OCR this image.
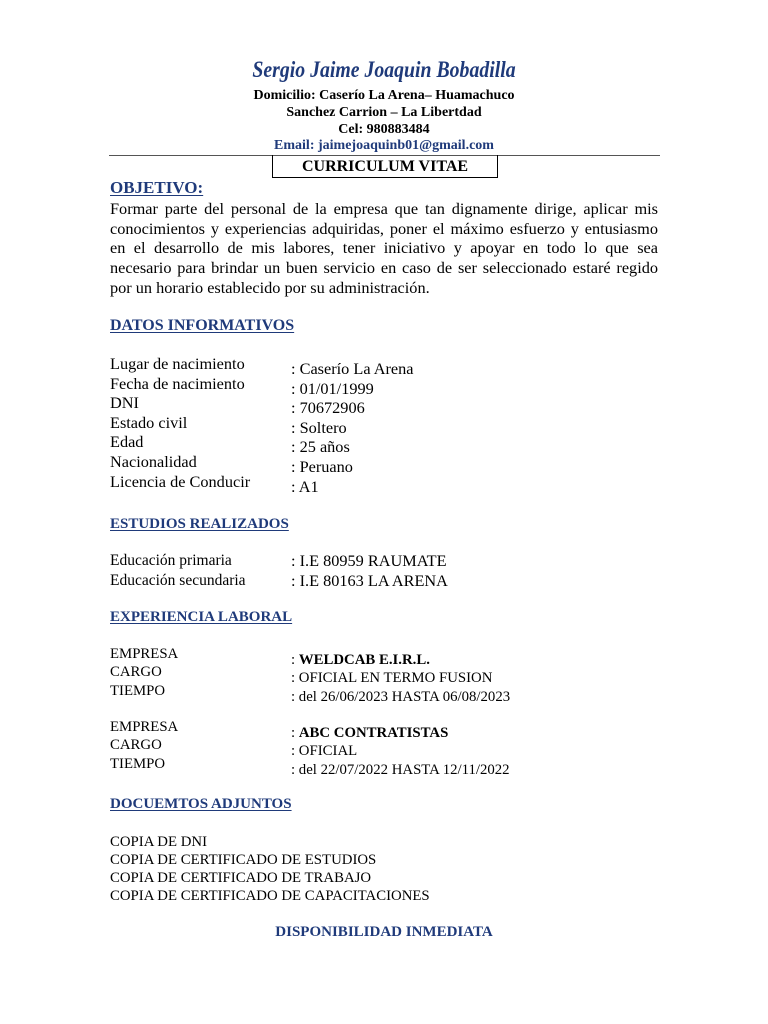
Sergio Jaime Joaquin Bobadilla
Domicilio: Caserío La Arena– Huamachuco
Sanchez Carrion – La Libertdad
Cel: 980883484
Email: jaimejoaquinb01@gmail.com
CURRICULUM VITAE
OBJETIVO:
Formar parte del personal de la empresa que tan dignamente dirige, aplicar mis conocimientos y experiencias adquiridas, poner el máximo esfuerzo y entusiasmo en el desarrollo de mis labores, tener iniciativo y apoyar en todo lo que sea necesario para brindar un buen servicio en caso de ser seleccionado estaré regido por un horario establecido por su administración.
DATOS INFORMATIVOS
Lugar de nacimiento
Fecha de nacimiento
DNI
Estado civil
Edad
Nacionalidad
Licencia de Conducir
: Caserío La Arena
: 01/01/1999
: 70672906
: Soltero
: 25 años
: Peruano
: A1
ESTUDIOS REALIZADOS
Educación primaria
Educación secundaria
: I.E 80959 RAUMATE
: I.E 80163 LA ARENA
EXPERIENCIA LABORAL
EMPRESA
CARGO
TIEMPO
: WELDCAB E.I.R.L.
: OFICIAL EN TERMO FUSION
: del 26/06/2023 HASTA 06/08/2023
EMPRESA
CARGO
TIEMPO
: ABC CONTRATISTAS
: OFICIAL
: del 22/07/2022 HASTA 12/11/2022
DOCUEMTOS ADJUNTOS
COPIA DE DNI
COPIA DE CERTIFICADO DE ESTUDIOS
COPIA DE CERTIFICADO DE TRABAJO
COPIA DE CERTIFICADO DE CAPACITACIONES
DISPONIBILIDAD INMEDIATA
